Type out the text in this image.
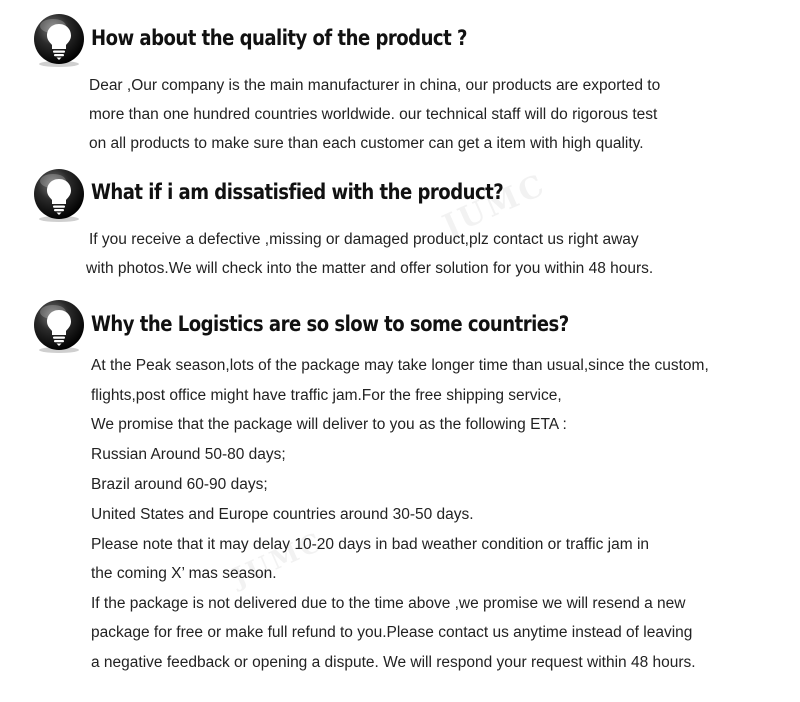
JUMC
JUMC
How about the quality of the product ?

Dear ,Our company is the main manufacturer in china, our products are exported to

more than one hundred countries worldwide. our technical staff will do rigorous test

on all products to make sure than each customer can get a item with high quality.

What if i am dissatisfied with the product?

If you receive a defective ,missing or damaged product,plz contact us right away

with photos.We will check into the matter and offer solution for you within 48 hours.

Why the Logistics are so slow to some countries?

At the Peak season,lots of the package may take longer time than usual,since the custom,

flights,post office might have traffic jam.For the free shipping service,

We promise that the package will deliver to you as the following ETA :

Russian Around 50-80 days;

Brazil around 60-90 days;

United States and Europe countries around 30-50 days.

Please note that it may delay 10-20 days in bad weather condition or traffic jam in

the coming X’ mas season.

If the package is not delivered due to the time above ,we promise we will resend a new

package for free or make full refund to you.Please contact us anytime instead of leaving

a negative feedback or opening a dispute. We will respond your request within 48 hours.
